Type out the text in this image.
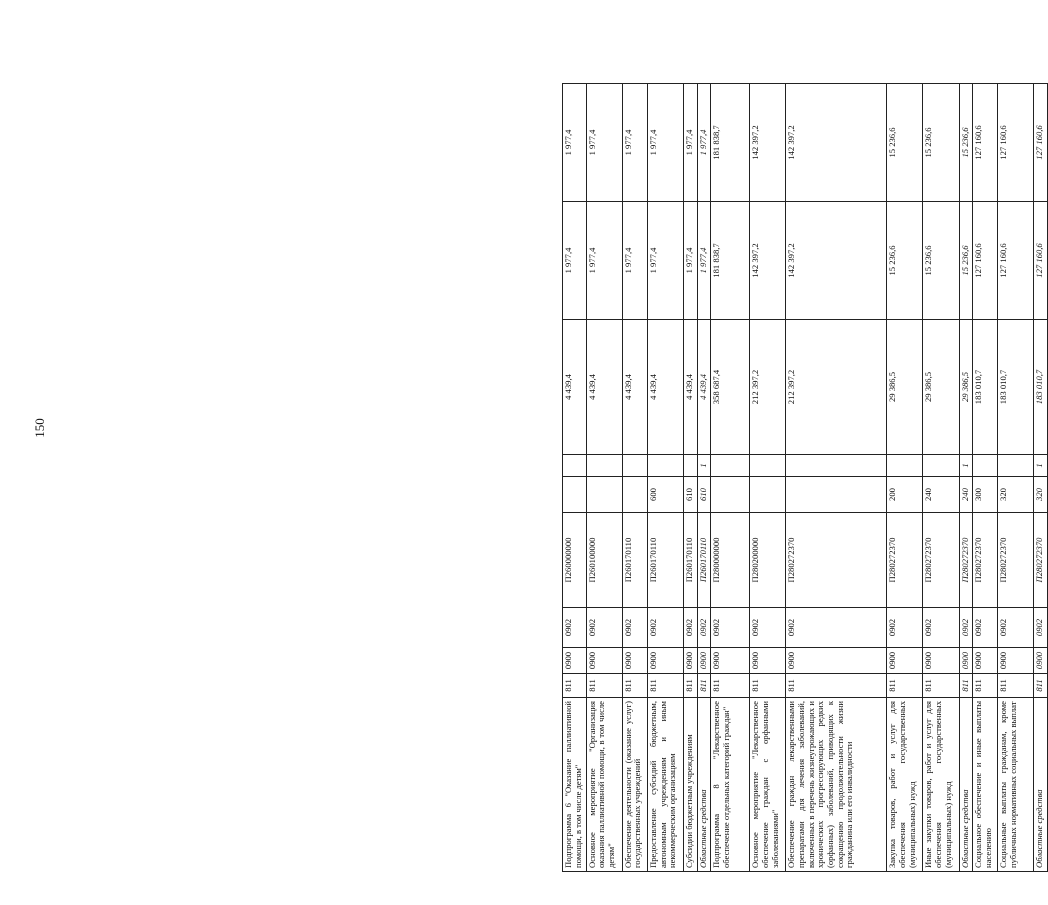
150
Подпрограмма 6 "Оказание паллиативной помощи, в том числе детям"	811	0900	0902	П260000000			4 439,4	1 977,4	1 977,4
Основное мероприятие "Организация оказания паллиативной помощи, в том числе детям"	811	0900	0902	П260100000			4 439,4	1 977,4	1 977,4
Обеспечение деятельности (оказание услуг) государственных учреждений	811	0900	0902	П260170110			4 439,4	1 977,4	1 977,4
Предоставление субсидий бюджетным, автономным учреждениям и иным некоммерческим организациям	811	0900	0902	П260170110	600		4 439,4	1 977,4	1 977,4
Субсидии бюджетным учреждениям	811	0900	0902	П260170110	610		4 439,4	1 977,4	1 977,4
Областные средства	811	0900	0902	П260170110	610	1	4 439,4	1 977,4	1 977,4
Подпрограмма 8 "Лекарственное обеспечение отдельных категорий граждан"	811	0900	0902	П280000000			358 687,4	181 838,7	181 838,7
Основное мероприятие "Лекарственное обеспечение граждан с орфанными заболеваниями"	811	0900	0902	П280200000			212 397,2	142 397,2	142 397,2
Обеспечение граждан лекарственными препаратами для лечения заболеваний, включенных в перечень жизнеугрожающих и хронических прогрессирующих редких (орфанных) заболеваний, приводящих к сокращению продолжительности жизни гражданина или его инвалидности	811	0900	0902	П280272370			212 397,2	142 397,2	142 397,2
Закупка товаров, работ и услуг для обеспечения государственных (муниципальных) нужд	811	0900	0902	П280272370	200		29 386,5	15 236,6	15 236,6
Иные закупки товаров, работ и услуг для обеспечения государственных (муниципальных) нужд	811	0900	0902	П280272370	240		29 386,5	15 236,6	15 236,6
Областные средства	811	0900	0902	П280272370	240	1	29 386,5	15 236,6	15 236,6
Социальное обеспечение и иные выплаты населению	811	0900	0902	П280272370	300		183 010,7	127 160,6	127 160,6
Социальные выплаты гражданам, кроме публичных нормативных социальных выплат	811	0900	0902	П280272370	320		183 010,7	127 160,6	127 160,6
Областные средства	811	0900	0902	П280272370	320	1	183 010,7	127 160,6	127 160,6
